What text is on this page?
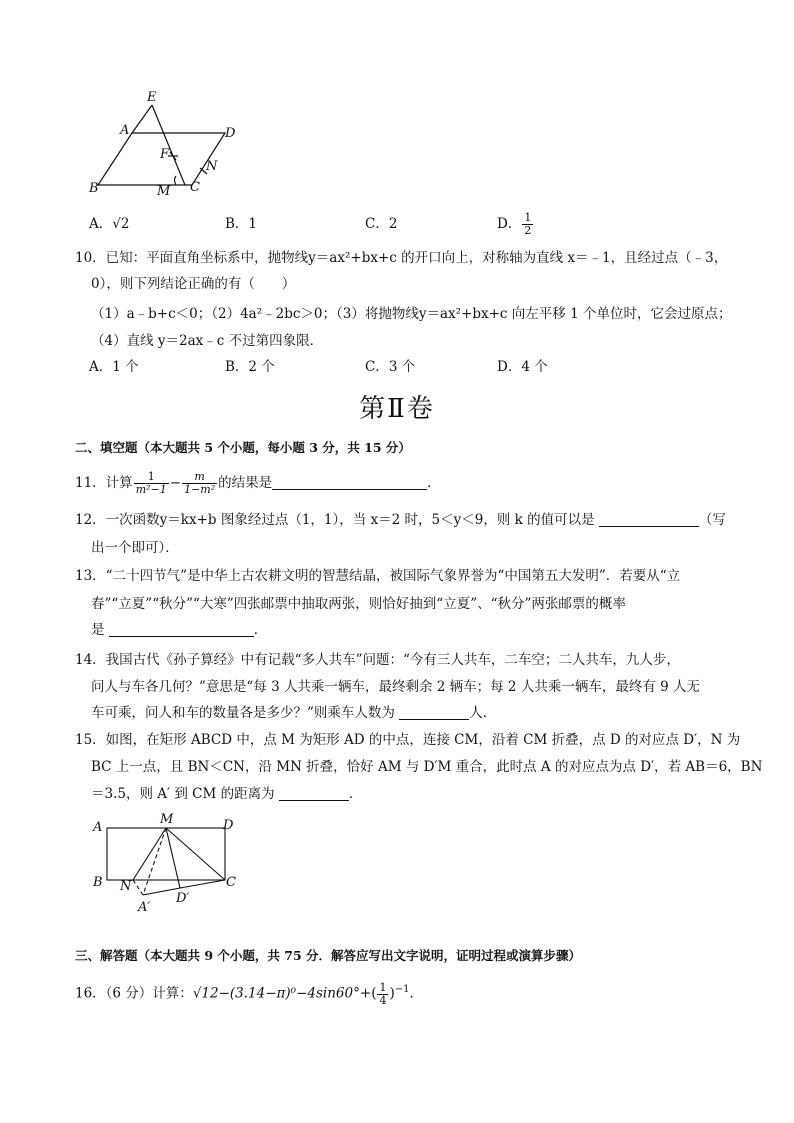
E
A	D
F
N
B	M C
A．√2	B．1	C．2	D． $\frac{1}{2}$
10．已知：平面直角坐标系中，抛物线y＝ax²+bx+c 的开口向上，对称轴为直线 x＝﹣1，且经过点（﹣3，
0），则下列结论正确的有（　　）
（1）a﹣b+c＜0；（2）4a²﹣2bc＞0；（3）将抛物线y＝ax²+bx+c 向左平移 1 个单位时，它会过原点；
（4）直线 y＝2ax﹣c 不过第四象限．
A．1 个	B．2 个	C．3 个	D．4 个
第Ⅱ卷
二、填空题（本大题共 5 个小题，每小题 3 分，共 15 分）
11．计算 $\frac{1}{\text{m²−1}} - \frac{m}{\text{1−m²}}$ 的结果是	．
12．一次函数y＝kx+b 图象经过点（1，1），当 x＝2 时，5＜y＜9，则 k 的值可以是	（写
出一个即可）．
13．“二十四节气”是中华上古农耕文明的智慧结晶，被国际气象界誉为“中国第五大发明”．若要从“立
春”“立夏”“秋分”“大寒”四张邮票中抽取两张，则恰好抽到“立夏”、“秋分”两张邮票的概率
是	．
14．我国古代《孙子算经》中有记载“多人共车”问题：“今有三人共车，二车空；二人共车，九人步，
问人与车各几何？”意思是“每 3 人共乘一辆车，最终剩余 2 辆车；每 2 人共乘一辆车，最终有 9 人无
车可乘，问人和车的数量各是多少？”则乘车人数为	人．
15．如图，在矩形 ABCD 中，点 M 为矩形 AD 的中点，连接 CM，沿着 CM 折叠，点 D 的对应点 D′，N 为
BC 上一点，且 BN＜CN，沿 MN 折叠，恰好 AM 与 D′M 重合，此时点 A 的对应点为点 D′，若 AB＝6，BN
＝3.5，则 A′ 到 CM 的距离为	．
A
M	D
B N	C
A′
D′
三、解答题（本大题共 9 个小题，共 75 分．解答应写出文字说明，证明过程或演算步骤）
16．（6 分）计算：$√12-(3.14-\pi)^0-4\sin 60^\circ+( \frac{1}{4} )^{-1}$．
